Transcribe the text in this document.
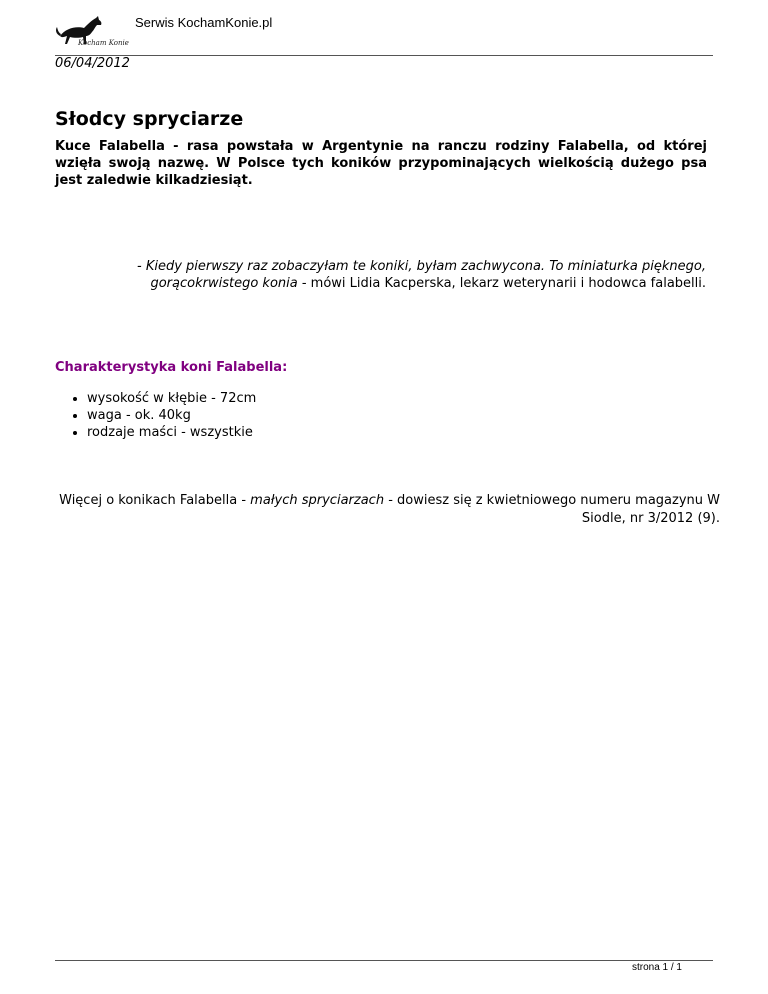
Kocham Konie
Serwis KochamKonie.pl
06/04/2012
Słodcy spryciarze

Kuce Falabella - rasa powstała w Argentynie na ranczu rodziny Falabella, od której wzięła swoją nazwę. W Polsce tych koników przypominających wielkością dużego psa jest zaledwie kilkadziesiąt.

- Kiedy pierwszy raz zobaczyłam te koniki, byłam zachwycona. To miniaturka pięknego, gorącokrwistego konia - mówi Lidia Kacperska, lekarz weterynarii i hodowca falabelli.

Charakterystyka koni Falabella:
• wysokość w kłębie - 72cm
• waga - ok. 40kg
• rodzaje maści - wszystkie

Więcej o konikach Falabella - małych spryciarzach - dowiesz się z kwietniowego numeru magazynu W Siodle, nr 3/2012 (9).

strona 1 / 1
